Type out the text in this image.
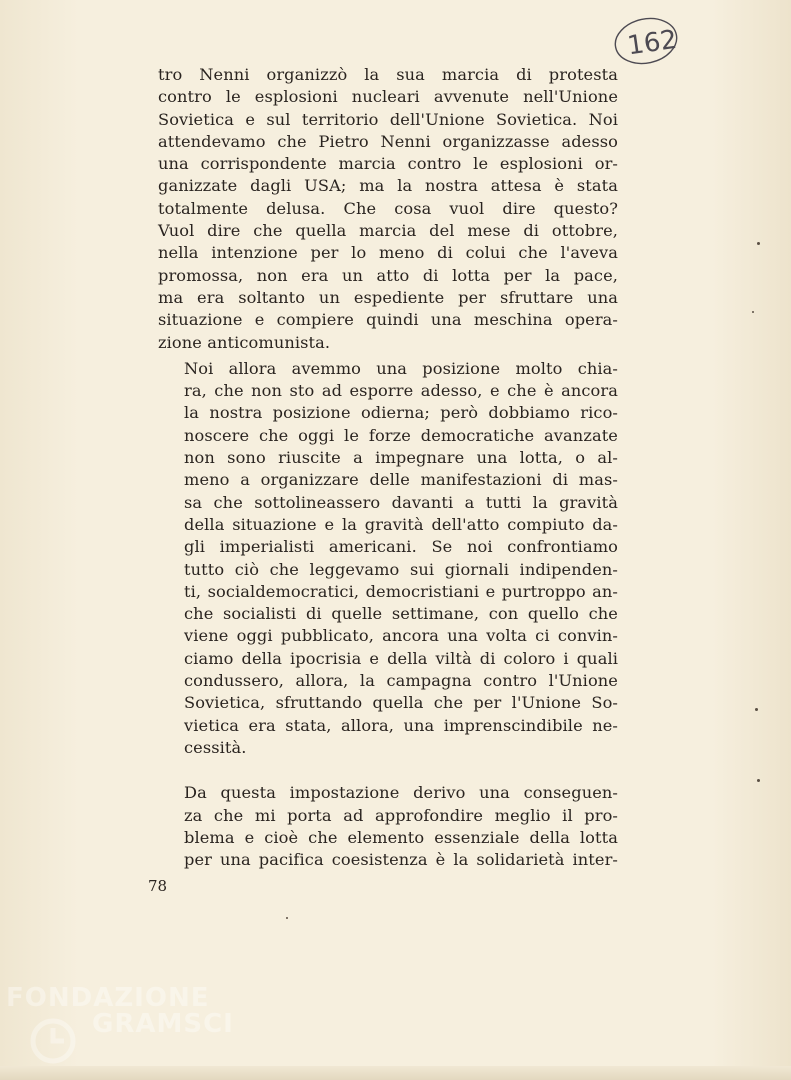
162
tro Nenni organizzò la sua marcia di protesta
contro le esplosioni nucleari avvenute nell'Unione
Sovietica e sul territorio dell'Unione Sovietica. Noi
attendevamo che Pietro Nenni organizzasse adesso
una corrispondente marcia contro le esplosioni or-
ganizzate dagli USA; ma la nostra attesa è stata
totalmente delusa. Che cosa vuol dire questo?
Vuol dire che quella marcia del mese di ottobre,
nella intenzione per lo meno di colui che l'aveva
promossa, non era un atto di lotta per la pace,
ma era soltanto un espediente per sfruttare una
situazione e compiere quindi una meschina opera-
zione anticomunista.
Noi allora avemmo una posizione molto chia-
ra, che non sto ad esporre adesso, e che è ancora
la nostra posizione odierna; però dobbiamo rico-
noscere che oggi le forze democratiche avanzate
non sono riuscite a impegnare una lotta, o al-
meno a organizzare delle manifestazioni di mas-
sa che sottolineassero davanti a tutti la gravità
della situazione e la gravità dell'atto compiuto da-
gli imperialisti americani. Se noi confrontiamo
tutto ciò che leggevamo sui giornali indipenden-
ti, socialdemocratici, democristiani e purtroppo an-
che socialisti di quelle settimane, con quello che
viene oggi pubblicato, ancora una volta ci convin-
ciamo della ipocrisia e della viltà di coloro i quali
condussero, allora, la campagna contro l'Unione
Sovietica, sfruttando quella che per l'Unione So-
vietica era stata, allora, una imprenscindibile ne-
cessità.
Da questa impostazione derivo una conseguen-
za che mi porta ad approfondire meglio il pro-
blema e cioè che elemento essenziale della lotta
per una pacifica coesistenza è la solidarietà inter-
78
FONDAZIONE
GRAMSCI
